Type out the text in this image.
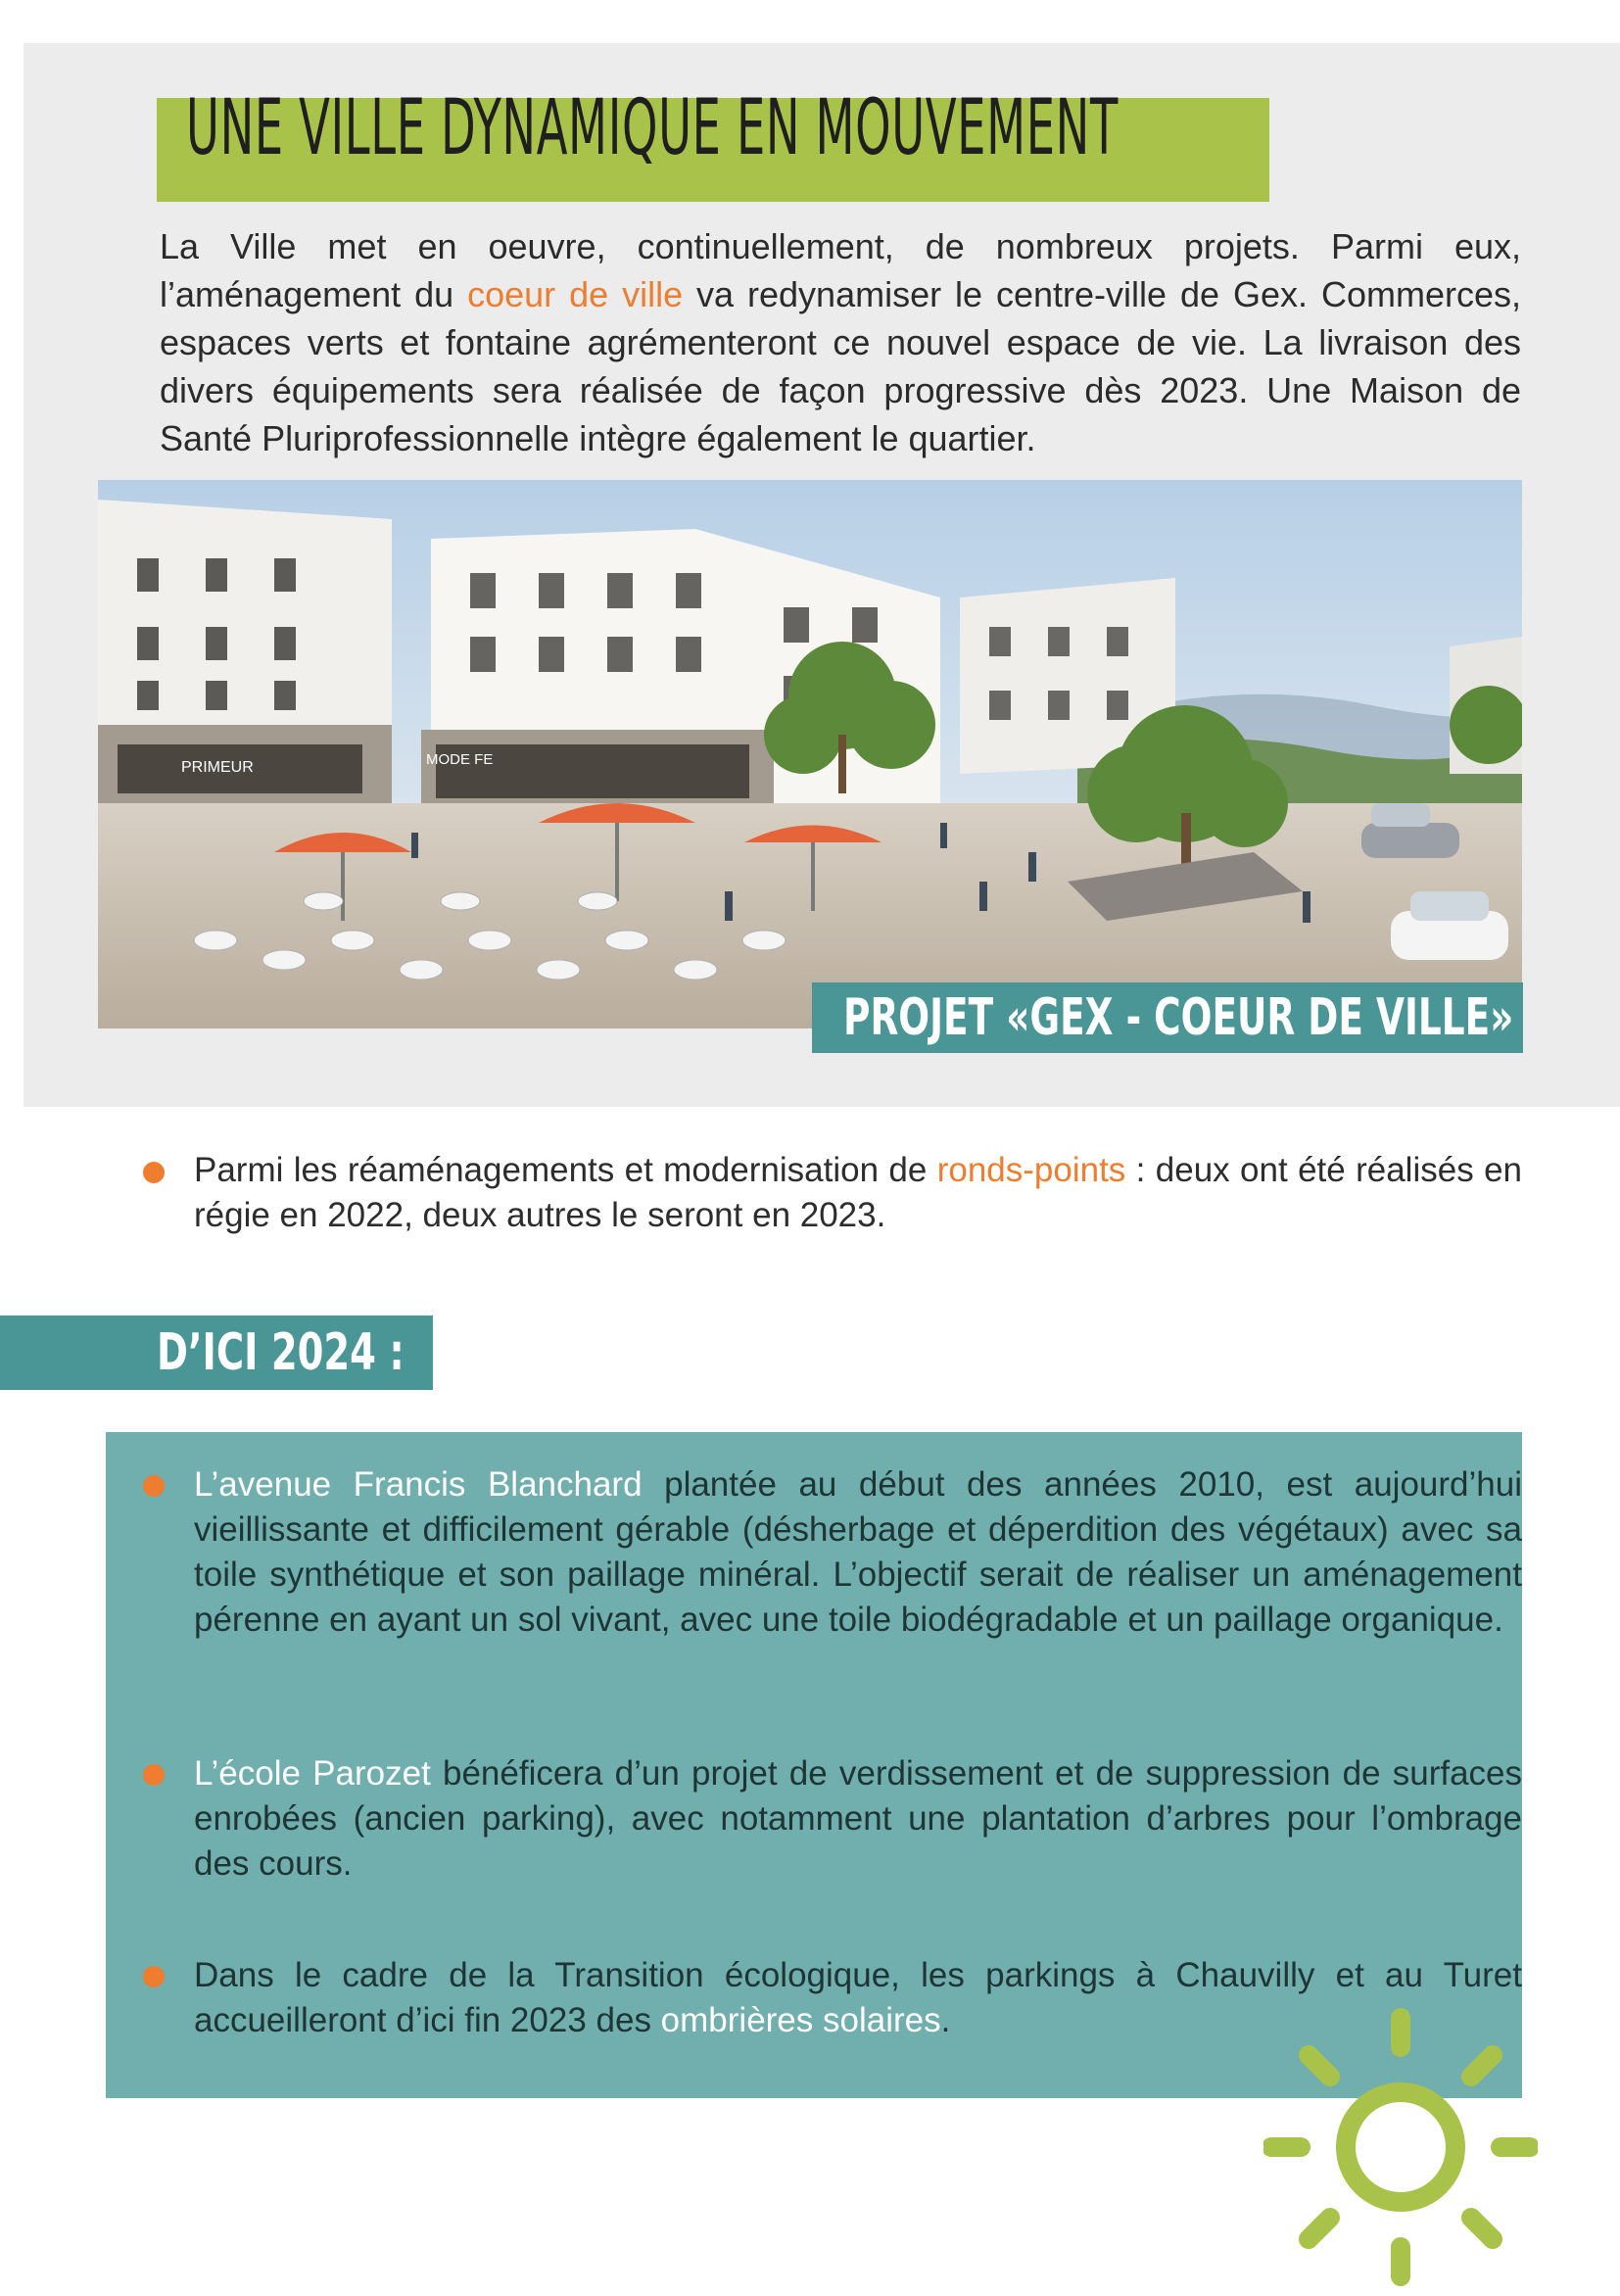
UNE VILLE DYNAMIQUE EN MOUVEMENT
La Ville met en oeuvre, continuellement, de nombreux projets. Parmi eux, l’aménagement du coeur de ville va redynamiser le centre-ville de Gex. Commerces, espaces verts et fontaine agrémenteront ce nouvel espace de vie. La livraison des divers équipements sera réalisée de façon progressive dès 2023. Une Maison de Santé Pluriprofessionnelle intègre également le quartier.
PRIMEUR	MODE FE
PROJET «GEX - COEUR DE VILLE»
Parmi les réaménagements et modernisation de ronds-points : deux ont été réalisés en régie en 2022, deux autres le seront en 2023.
D’ICI 2024 :
L’avenue Francis Blanchard plantée au début des années 2010, est aujourd’hui vieillissante et difficilement gérable (désherbage et déperdition des végétaux) avec sa toile synthétique et son paillage minéral. L’objectif serait de réaliser un aménagement pérenne en ayant un sol vivant, avec une toile biodégradable et un paillage organique.
L’école Parozet bénéficera d’un projet de verdissement et de suppression de surfaces enrobées (ancien parking), avec notamment une plantation d’arbres pour l’ombrage des cours.
Dans le cadre de la Transition écologique, les parkings à Chauvilly et au Turet accueilleront d’ici fin 2023 des ombrières solaires.
